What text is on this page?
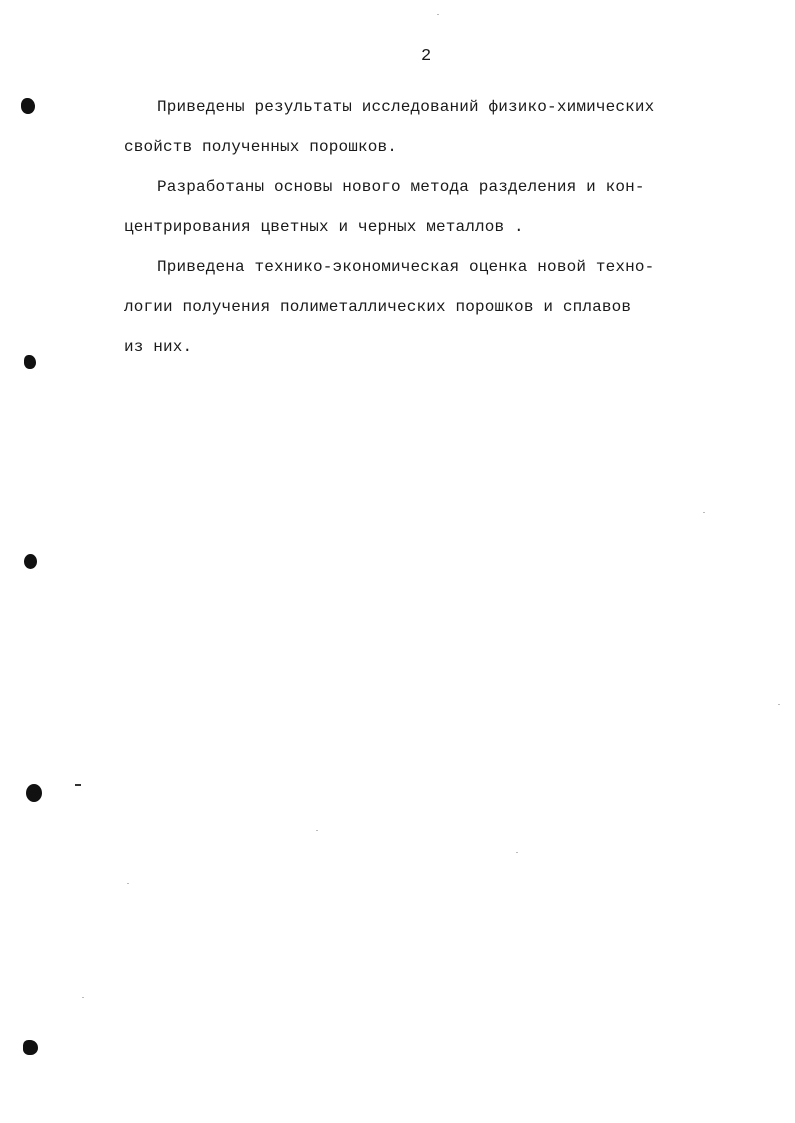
2
Приведены результаты исследований физико-химических
свойств полученных порошков.
Разработаны основы нового метода разделения и кон-
центрирования цветных и черных металлов .
Приведена технико-экономическая оценка новой техно-
логии получения полиметаллических порошков и сплавов
из них.
